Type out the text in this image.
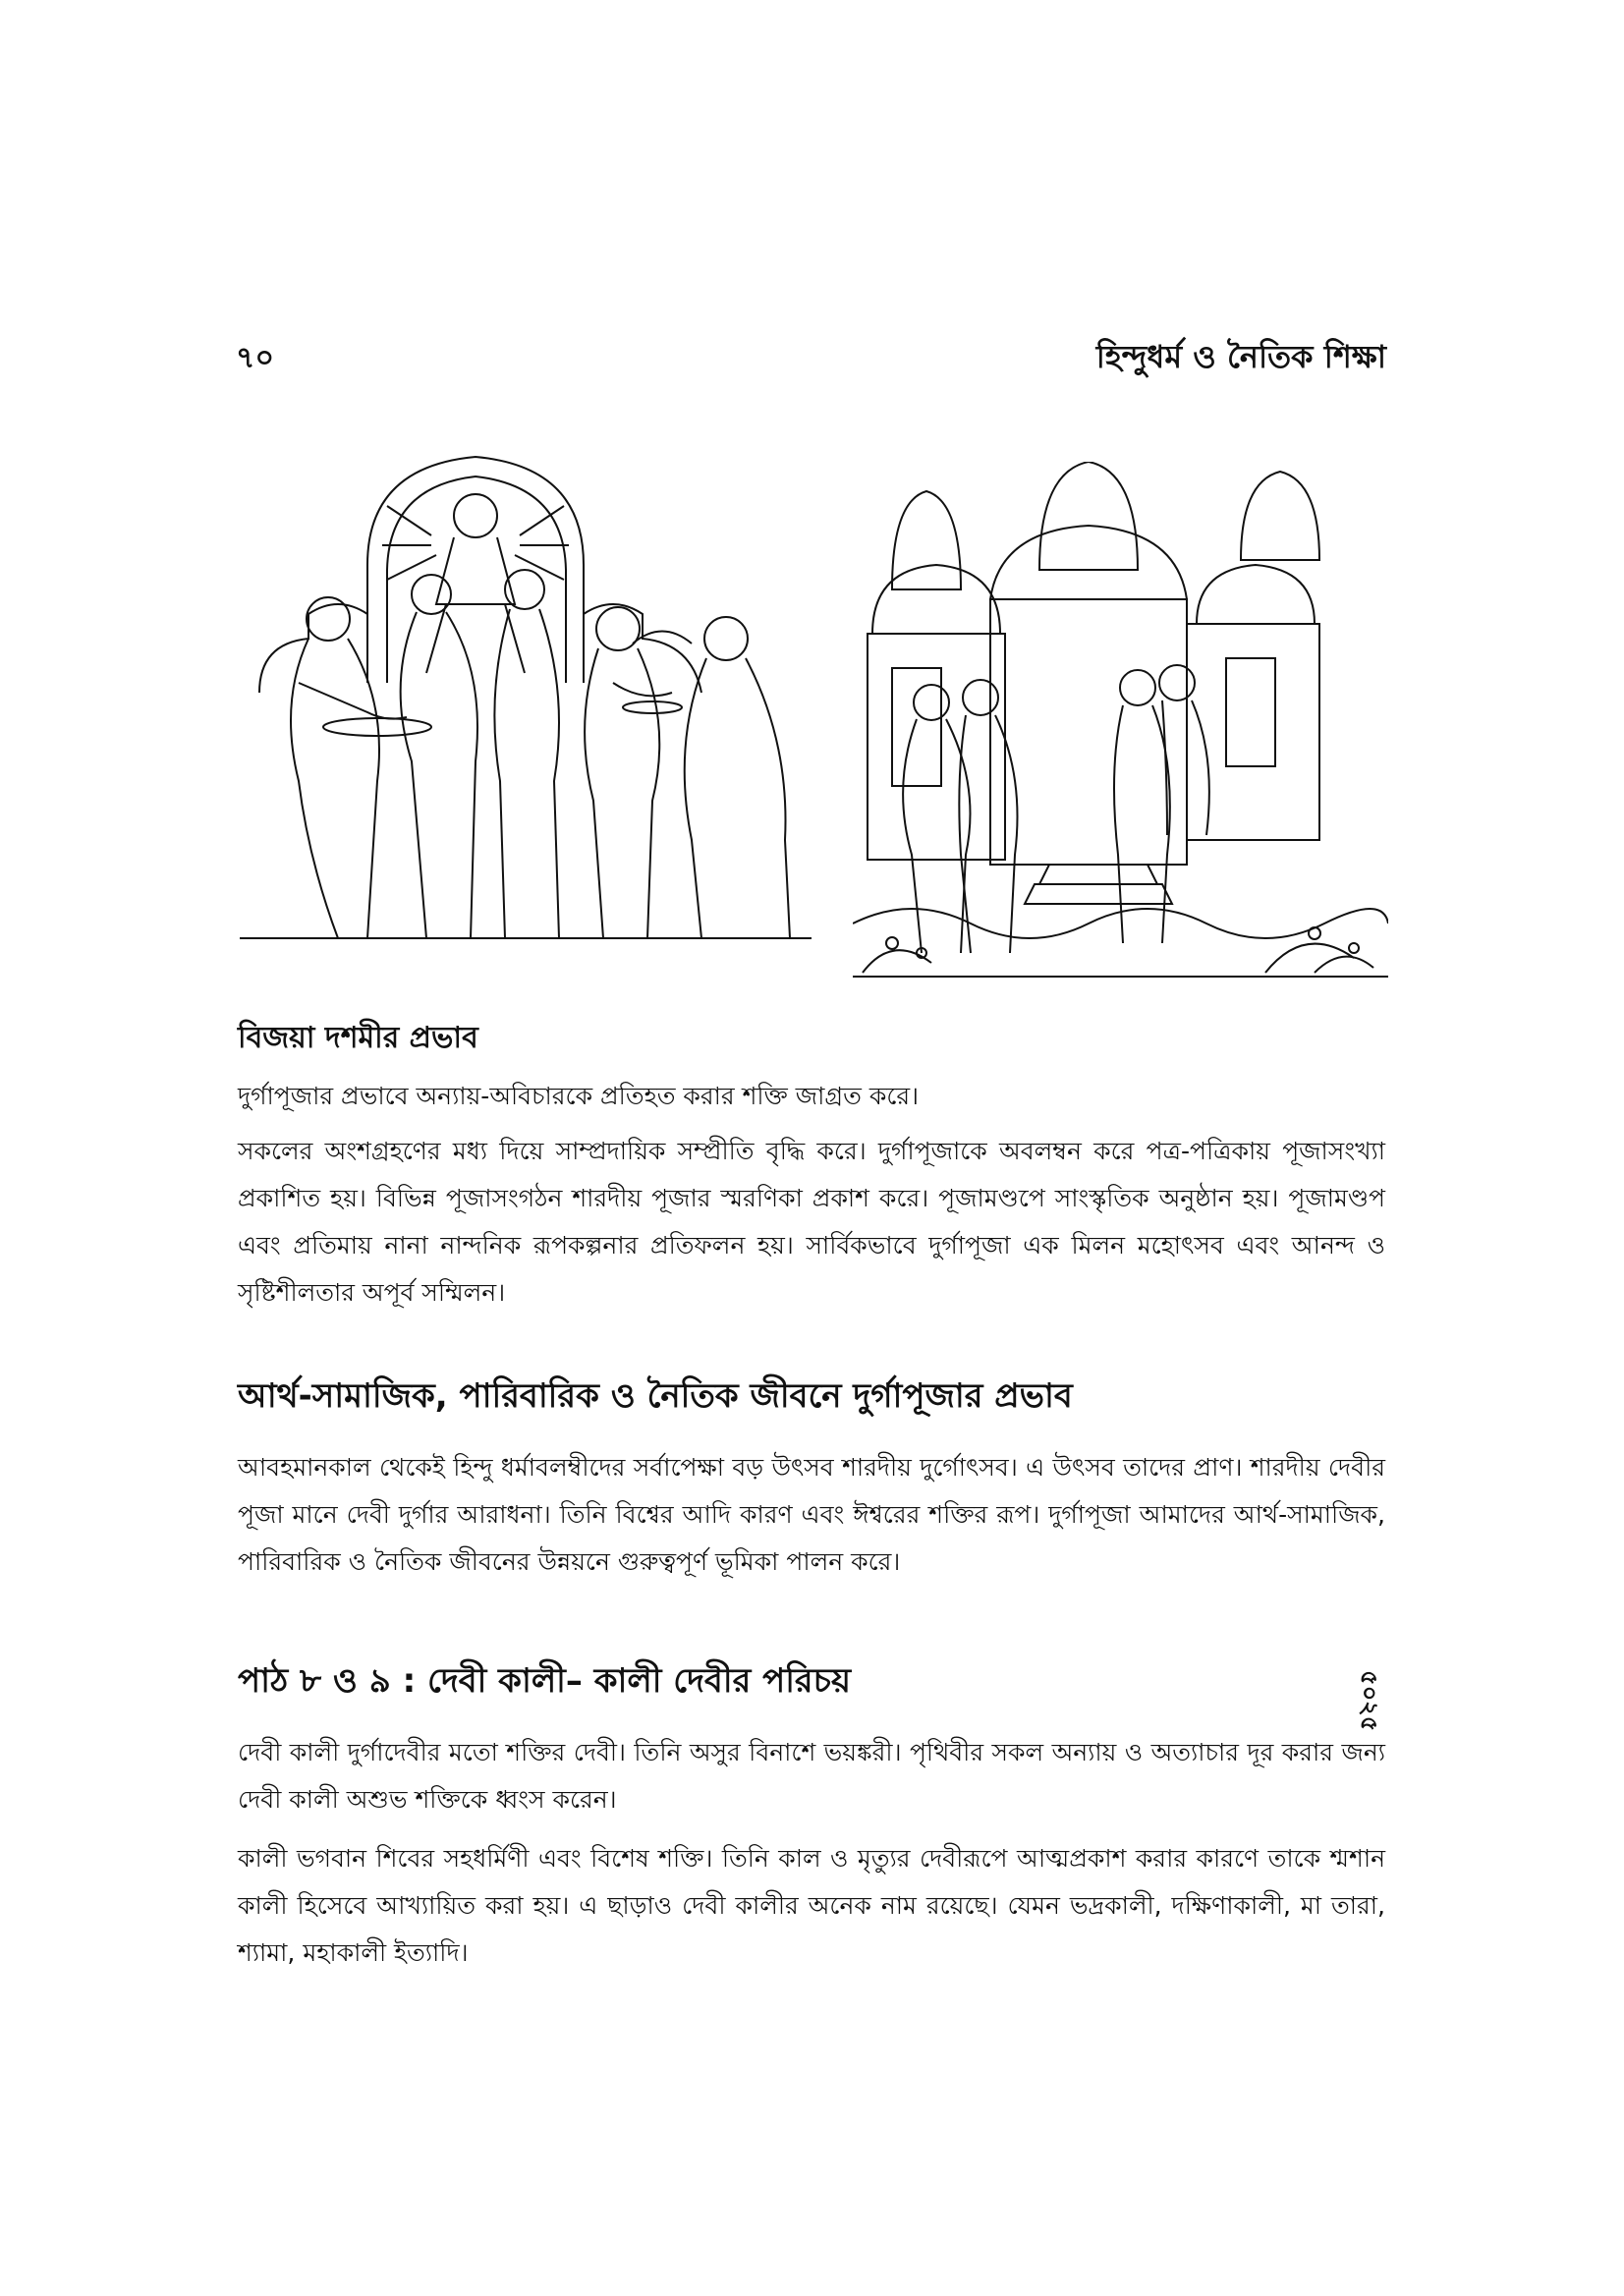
৭০	হিন্দুধর্ম ও নৈতিক শিক্ষা
বিজয়া দশমীর প্রভাব

দুর্গাপূজার প্রভাবে অন্যায়-অবিচারকে প্রতিহত করার শক্তি জাগ্রত করে।

সকলের অংশগ্রহণের মধ্য দিয়ে সাম্প্রদায়িক সম্প্রীতি বৃদ্ধি করে। দুর্গাপূজাকে অবলম্বন করে পত্র-পত্রিকায় পূজাসংখ্যা প্রকাশিত হয়। বিভিন্ন পূজাসংগঠন শারদীয় পূজার স্মরণিকা প্রকাশ করে। পূজামণ্ডপে সাংস্কৃতিক অনুষ্ঠান হয়। পূজামণ্ডপ এবং প্রতিমায় নানা নান্দনিক রূপকল্পনার প্রতিফলন হয়। সার্বিকভাবে দুর্গাপূজা এক মিলন মহোৎসব এবং আনন্দ ও সৃষ্টিশীলতার অপূর্ব সম্মিলন।

আর্থ-সামাজিক, পারিবারিক ও নৈতিক জীবনে দুর্গাপূজার প্রভাব

আবহমানকাল থেকেই হিন্দু ধর্মাবলম্বীদের সর্বাপেক্ষা বড় উৎসব শারদীয় দুর্গোৎসব। এ উৎসব তাদের প্রাণ। শারদীয় দেবীর পূজা মানে দেবী দুর্গার আরাধনা। তিনি বিশ্বের আদি কারণ এবং ঈশ্বরের শক্তির রূপ। দুর্গাপূজা আমাদের আর্থ-সামাজিক, পারিবারিক ও নৈতিক জীবনের উন্নয়নে গুরুত্বপূর্ণ ভূমিকা পালন করে।

পাঠ ৮ ও ৯ : দেবী কালী– কালী দেবীর পরিচয়

দেবী কালী দুর্গাদেবীর মতো শক্তির দেবী। তিনি অসুর বিনাশে ভয়ঙ্করী। পৃথিবীর সকল অন্যায় ও অত্যাচার দূর করার জন্য দেবী কালী অশুভ শক্তিকে ধ্বংস করেন।

কালী ভগবান শিবের সহধর্মিণী এবং বিশেষ শক্তি। তিনি কাল ও মৃত্যুর দেবীরূপে আত্মপ্রকাশ করার কারণে তাকে শ্মশান কালী হিসেবে আখ্যায়িত করা হয়। এ ছাড়াও দেবী কালীর অনেক নাম রয়েছে। যেমন ভদ্রকালী, দক্ষিণাকালী, মা তারা, শ্যামা, মহাকালী ইত্যাদি।

৫০২৫
